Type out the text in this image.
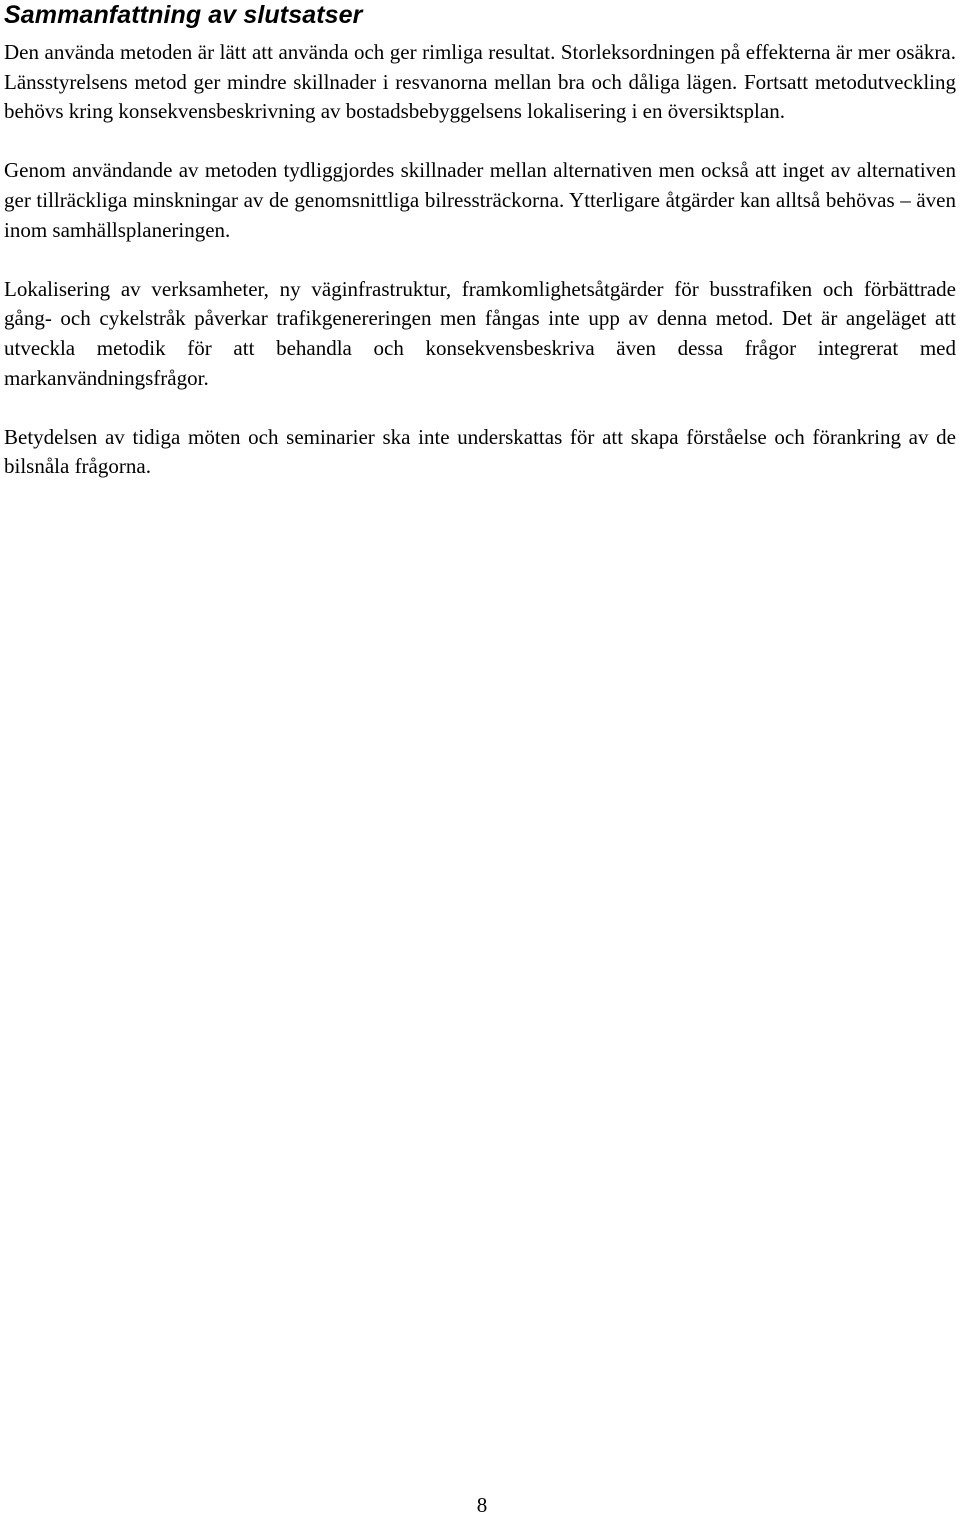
Sammanfattning av slutsatser

Den använda metoden är lätt att använda och ger rimliga resultat. Storleksordningen på effekterna är mer osäkra. Länsstyrelsens metod ger mindre skillnader i resvanorna mellan bra och dåliga lägen. Fortsatt metodutveckling behövs kring konsekvensbeskrivning av bostadsbebyggelsens lokalisering i en översiktsplan.

Genom användande av metoden tydliggjordes skillnader mellan alternativen men också att inget av alternativen ger tillräckliga minskningar av de genomsnittliga bilressträckorna. Ytterligare åtgärder kan alltså behövas – även inom samhällsplaneringen.

Lokalisering av verksamheter, ny väginfrastruktur, framkomlighetsåtgärder för busstrafiken och förbättrade gång- och cykelstråk påverkar trafikgenereringen men fångas inte upp av denna metod. Det är angeläget att utveckla metodik för att behandla och konsekvensbeskriva även dessa frågor integrerat med markanvändningsfrågor.

Betydelsen av tidiga möten och seminarier ska inte underskattas för att skapa förståelse och förankring av de bilsnåla frågorna.

8
